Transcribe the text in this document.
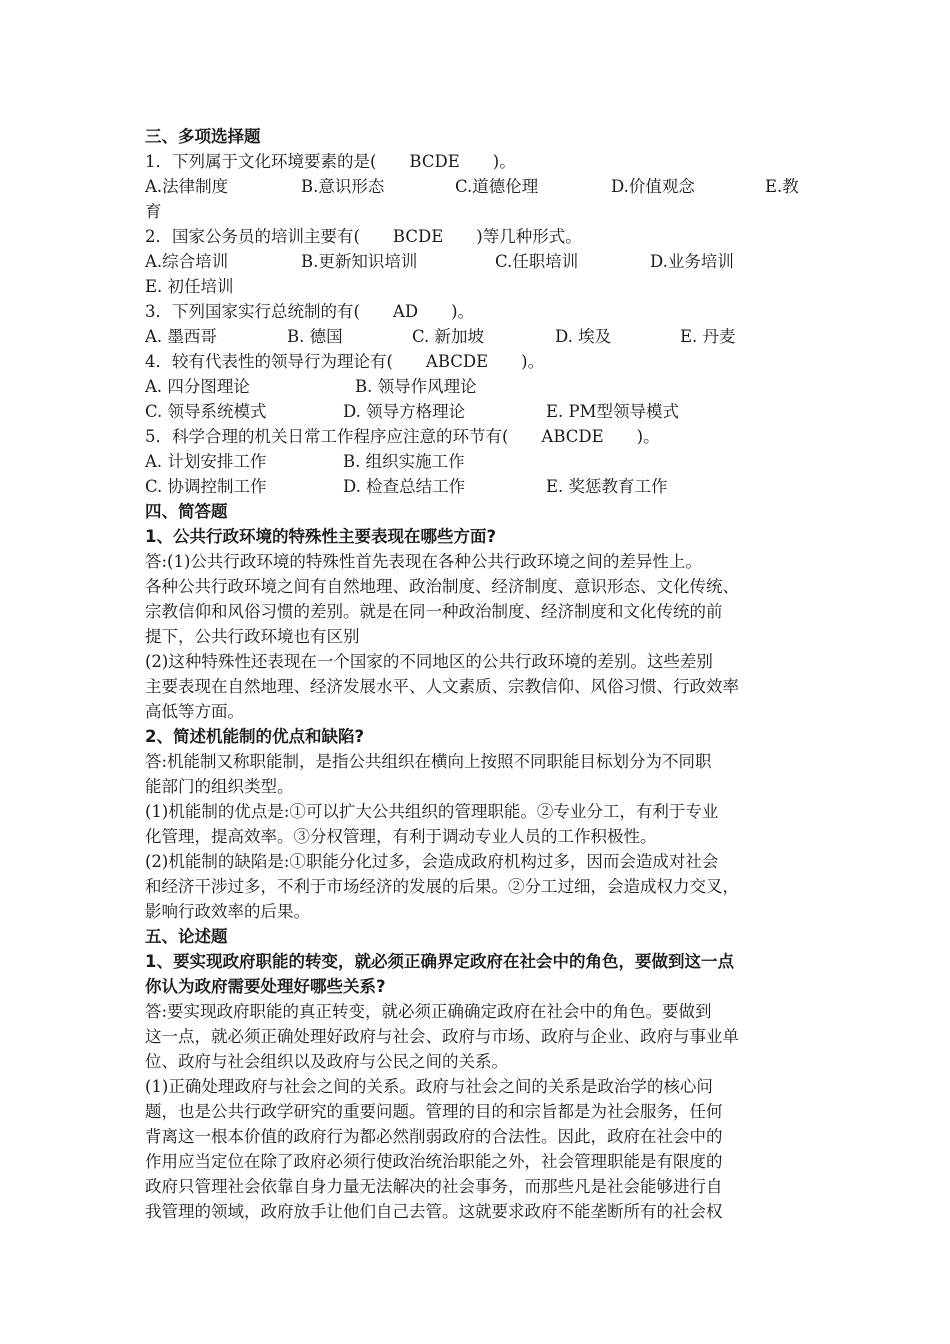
三、多项选择题
1．下列属于文化环境要素的是(　　BCDE　　)。
A.法律制度	B.意识形态	C.道德伦理	D.价值观念	E.教
育
2．国家公务员的培训主要有(　　BCDE　　)等几种形式。
A.综合培训	B.更新知识培训	C.任职培训	D.业务培训
E. 初任培训
3．下列国家实行总统制的有(　　AD　　)。
A. 墨西哥	B. 德国	C. 新加坡	D. 埃及	E. 丹麦
4．较有代表性的领导行为理论有(　　ABCDE　　)。
A. 四分图理论	B. 领导作风理论
C. 领导系统模式	D. 领导方格理论	E. PM型领导模式
5．科学合理的机关日常工作程序应注意的环节有(　　ABCDE　　)。
A. 计划安排工作	B. 组织实施工作
C. 协调控制工作	D. 检查总结工作	E. 奖惩教育工作
四、简答题
1、公共行政环境的特殊性主要表现在哪些方面?
答:(1)公共行政环境的特殊性首先表现在各种公共行政环境之间的差异性上。
各种公共行政环境之间有自然地理、政治制度、经济制度、意识形态、文化传统、
宗教信仰和风俗习惯的差别。就是在同一种政治制度、经济制度和文化传统的前
提下，公共行政环境也有区别
(2)这种特殊性还表现在一个国家的不同地区的公共行政环境的差别。这些差别
主要表现在自然地理、经济发展水平、人文素质、宗教信仰、风俗习惯、行政效率
高低等方面。
2、简述机能制的优点和缺陷?
答:机能制又称职能制，是指公共组织在横向上按照不同职能目标划分为不同职
能部门的组织类型。
(1)机能制的优点是:①可以扩大公共组织的管理职能。②专业分工，有利于专业
化管理，提高效率。③分权管理，有利于调动专业人员的工作积极性。
(2)机能制的缺陷是:①职能分化过多，会造成政府机构过多，因而会造成对社会
和经济干涉过多，不利于市场经济的发展的后果。②分工过细，会造成权力交叉，
影响行政效率的后果。
五、论述题
1、要实现政府职能的转变，就必须正确界定政府在社会中的角色，要做到这一点
你认为政府需要处理好哪些关系?
答:要实现政府职能的真正转变，就必须正确确定政府在社会中的角色。要做到
这一点，就必须正确处理好政府与社会、政府与市场、政府与企业、政府与事业单
位、政府与社会组织以及政府与公民之间的关系。
(1)正确处理政府与社会之间的关系。政府与社会之间的关系是政治学的核心问
题，也是公共行政学研究的重要问题。管理的目的和宗旨都是为社会服务，任何
背离这一根本价值的政府行为都必然削弱政府的合法性。因此，政府在社会中的
作用应当定位在除了政府必须行使政治统治职能之外，社会管理职能是有限度的
政府只管理社会依靠自身力量无法解决的社会事务，而那些凡是社会能够进行自
我管理的领域，政府放手让他们自己去管。这就要求政府不能垄断所有的社会权
